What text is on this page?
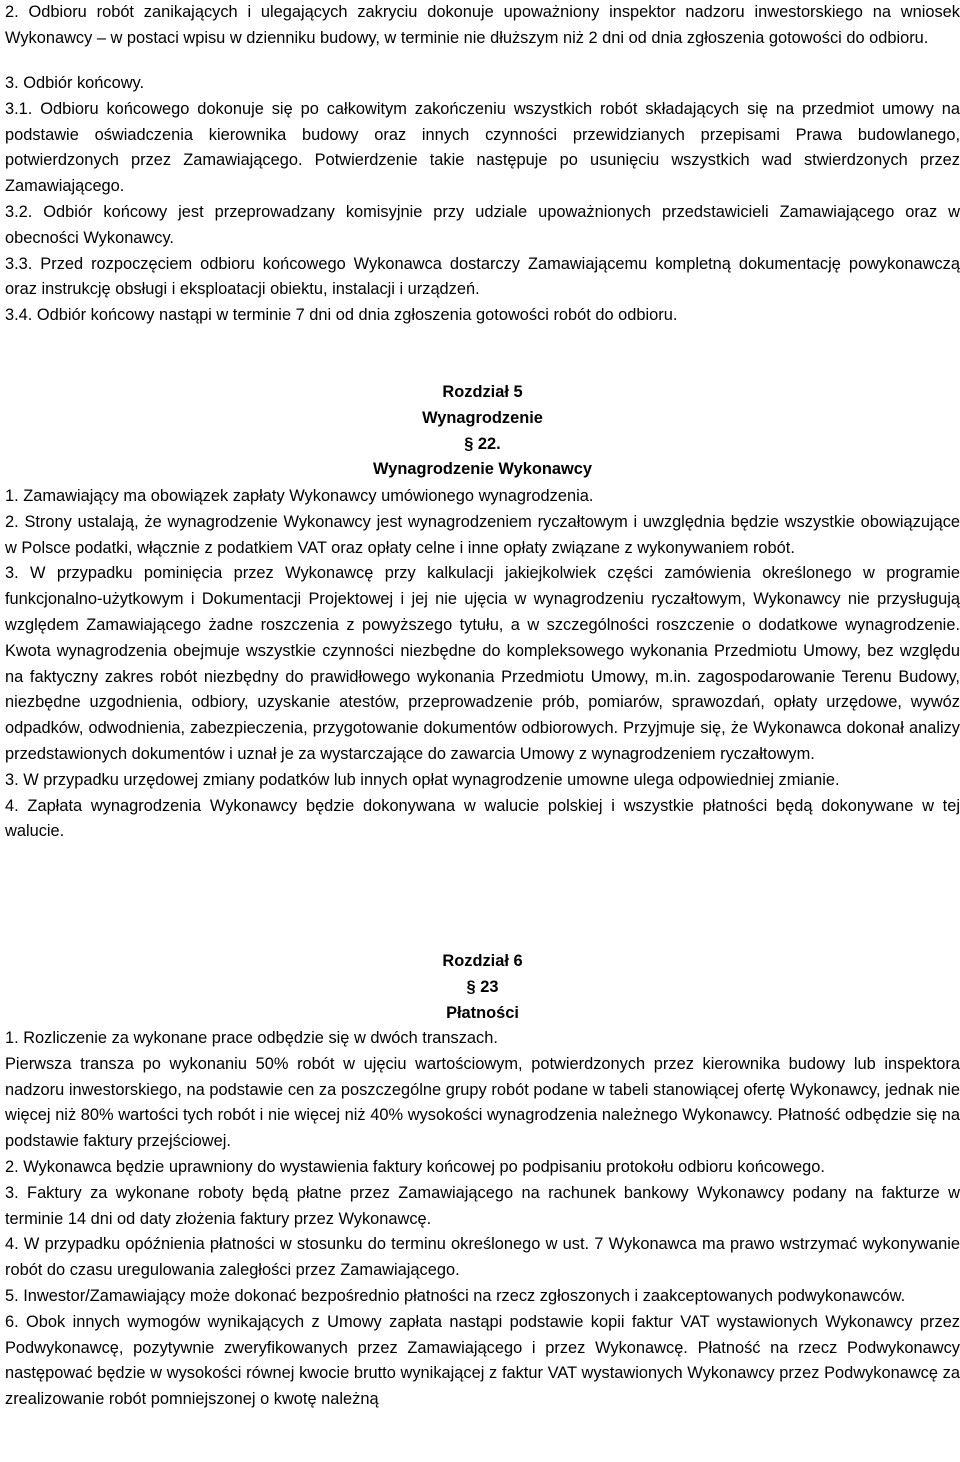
2. Odbioru robót zanikających i ulegających zakryciu dokonuje upoważniony inspektor nadzoru inwestorskiego na wniosek Wykonawcy – w postaci wpisu w dzienniku budowy, w terminie nie dłuższym niż 2 dni od dnia zgłoszenia gotowości do odbioru.

3. Odbiór końcowy.

3.1. Odbioru końcowego dokonuje się po całkowitym zakończeniu wszystkich robót składających się na przedmiot umowy na podstawie oświadczenia kierownika budowy oraz innych czynności przewidzianych przepisami Prawa budowlanego, potwierdzonych przez Zamawiającego. Potwierdzenie takie następuje po usunięciu wszystkich wad stwierdzonych przez Zamawiającego.

3.2. Odbiór końcowy jest przeprowadzany komisyjnie przy udziale upoważnionych przedstawicieli Zamawiającego oraz w obecności Wykonawcy.

3.3. Przed rozpoczęciem odbioru końcowego Wykonawca dostarczy Zamawiającemu kompletną dokumentację powykonawczą oraz instrukcję obsługi i eksploatacji obiektu, instalacji i urządzeń.

3.4. Odbiór końcowy nastąpi w terminie 7 dni od dnia zgłoszenia gotowości robót do odbioru.

Rozdział 5

Wynagrodzenie

§ 22.

Wynagrodzenie Wykonawcy

1. Zamawiający ma obowiązek zapłaty Wykonawcy umówionego wynagrodzenia.

2. Strony ustalają, że wynagrodzenie Wykonawcy jest wynagrodzeniem ryczałtowym i uwzględnia będzie wszystkie obowiązujące w Polsce podatki, włącznie z podatkiem VAT oraz opłaty celne i inne opłaty związane z wykonywaniem robót.

3. W przypadku pominięcia przez Wykonawcę przy kalkulacji jakiejkolwiek części zamówienia określonego w programie funkcjonalno-użytkowym i Dokumentacji Projektowej i jej nie ujęcia w wynagrodzeniu ryczałtowym, Wykonawcy nie przysługują względem Zamawiającego żadne roszczenia z powyższego tytułu, a w szczególności roszczenie o dodatkowe wynagrodzenie. Kwota wynagrodzenia obejmuje wszystkie czynności niezbędne do kompleksowego wykonania Przedmiotu Umowy, bez względu na faktyczny zakres robót niezbędny do prawidłowego wykonania Przedmiotu Umowy, m.in. zagospodarowanie Terenu Budowy, niezbędne uzgodnienia, odbiory, uzyskanie atestów, przeprowadzenie prób, pomiarów, sprawozdań, opłaty urzędowe, wywóz odpadków, odwodnienia, zabezpieczenia, przygotowanie dokumentów odbiorowych. Przyjmuje się, że Wykonawca dokonał analizy przedstawionych dokumentów i uznał je za wystarczające do zawarcia Umowy z wynagrodzeniem ryczałtowym.

3. W przypadku urzędowej zmiany podatków lub innych opłat wynagrodzenie umowne ulega odpowiedniej zmianie.

4. Zapłata wynagrodzenia Wykonawcy będzie dokonywana w walucie polskiej i wszystkie płatności będą dokonywane w tej walucie.

Rozdział 6

§ 23

Płatności

1. Rozliczenie za wykonane prace odbędzie się w dwóch transzach.

Pierwsza transza po wykonaniu 50% robót w ujęciu wartościowym, potwierdzonych przez kierownika budowy lub inspektora nadzoru inwestorskiego, na podstawie cen za poszczególne grupy robót podane w tabeli stanowiącej ofertę Wykonawcy, jednak nie więcej niż 80% wartości tych robót i nie więcej niż 40% wysokości wynagrodzenia należnego Wykonawcy. Płatność odbędzie się na podstawie faktury przejściowej.

2. Wykonawca będzie uprawniony do wystawienia faktury końcowej po podpisaniu protokołu odbioru końcowego.

3. Faktury za wykonane roboty będą płatne przez Zamawiającego na rachunek bankowy Wykonawcy podany na fakturze w terminie 14 dni od daty złożenia faktury przez Wykonawcę.

4. W przypadku opóźnienia płatności w stosunku do terminu określonego w ust. 7 Wykonawca ma prawo wstrzymać wykonywanie robót do czasu uregulowania zaległości przez Zamawiającego.

5. Inwestor/Zamawiający może dokonać bezpośrednio płatności na rzecz zgłoszonych i zaakceptowanych podwykonawców.

6. Obok innych wymogów wynikających z Umowy zapłata nastąpi podstawie kopii faktur VAT wystawionych Wykonawcy przez Podwykonawcę, pozytywnie zweryfikowanych przez Zamawiającego i przez Wykonawcę. Płatność na rzecz Podwykonawcy następować będzie w wysokości równej kwocie brutto wynikającej z faktur VAT wystawionych Wykonawcy przez Podwykonawcę za zrealizowanie robót pomniejszonej o kwotę należną
